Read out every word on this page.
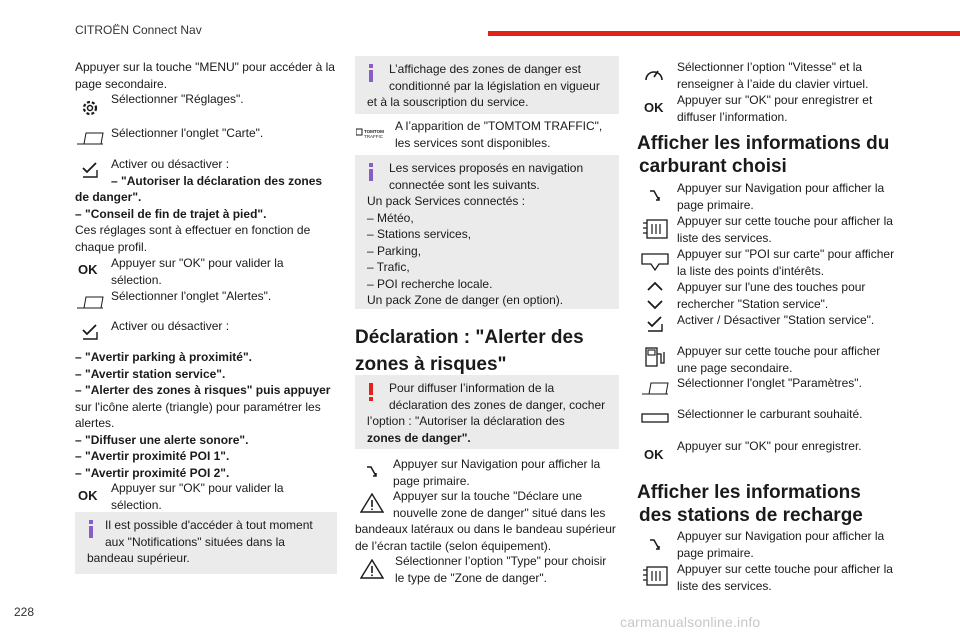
CITROËN Connect Nav
228
carmanualsonline.info
Appuyer sur la touche "MENU" pour accéder à la
page secondaire.
Sélectionner "Réglages".
Sélectionner l'onglet "Carte".
Activer ou désactiver :
– "Autoriser la déclaration des zones
de danger".
– "Conseil de fin de trajet à pied".
Ces réglages sont à effectuer en fonction de
chaque profil.
OK Appuyer sur "OK" pour valider la
sélection.
Sélectionner l'onglet "Alertes".
Activer ou désactiver :
– "Avertir parking à proximité".
– "Avertir station service".
– "Alerter des zones à risques" puis appuyer
sur l'icône alerte (triangle) pour paramétrer les
alertes.
– "Diffuser une alerte sonore".
– "Avertir proximité POI 1".
– "Avertir proximité POI 2".
OK Appuyer sur "OK" pour valider la
sélection.
Il est possible d'accéder à tout moment
aux "Notifications" situées dans la
bandeau supérieur.
L’affichage des zones de danger est
conditionné par la législation en vigueur
et à la souscription du service.
TOMTOM
TRAFFIC
A l’apparition de "TOMTOM TRAFFIC",
les services sont disponibles.
Les services proposés en navigation
connectée sont les suivants.
Un pack Services connectés :
– Météo,
– Stations services,
– Parking,
– Trafic,
– POI recherche locale.
Un pack Zone de danger (en option).
Déclaration : "Alerter des
zones à risques"
Pour diffuser l’information de la
déclaration des zones de danger, cocher
l’option : "Autoriser la déclaration des
zones de danger".
Appuyer sur Navigation pour afficher la
page primaire.
Appuyer sur la touche "Déclare une
nouvelle zone de danger" situé dans les
bandeaux latéraux ou dans le bandeau supérieur
de l’écran tactile (selon équipement).
Sélectionner l’option "Type" pour choisir
le type de "Zone de danger".
Sélectionner l’option "Vitesse" et la
renseigner à l’aide du clavier virtuel.
OK Appuyer sur "OK" pour enregistrer et
diffuser l’information.
Afficher les informations du
carburant choisi
Appuyer sur Navigation pour afficher la
page primaire.
Appuyer sur cette touche pour afficher la
liste des services.
Appuyer sur "POI sur carte" pour afficher
la liste des points d'intérêts.
Appuyer sur l'une des touches pour
rechercher "Station service".
Activer / Désactiver "Station service".
Appuyer sur cette touche pour afficher
une page secondaire.
Sélectionner l'onglet "Paramètres".
Sélectionner le carburant souhaité.
OK
Appuyer sur "OK" pour enregistrer.
Afficher les informations
des stations de recharge
Appuyer sur Navigation pour afficher la
page primaire.
Appuyer sur cette touche pour afficher la
liste des services.
